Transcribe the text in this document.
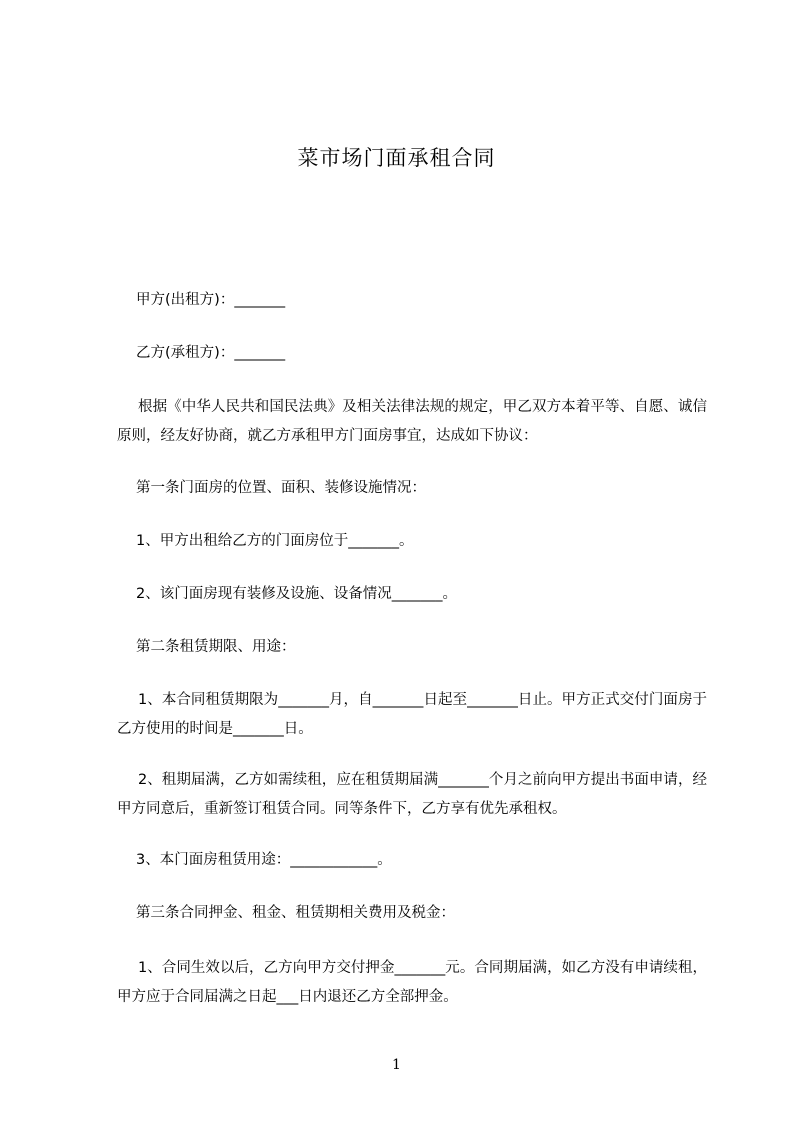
菜市场门面承租合同

甲方(出租方)：_______

乙方(承租方)：_______

根据《中华人民共和国民法典》及相关法律法规的规定，甲乙双方本着平等、自愿、诚信原则，经友好协商，就乙方承租甲方门面房事宜，达成如下协议：

第一条门面房的位置、面积、装修设施情况：

1、甲方出租给乙方的门面房位于_______。

2、该门面房现有装修及设施、设备情况_______。

第二条租赁期限、用途：

1、本合同租赁期限为_______月，自_______日起至_______日止。甲方正式交付门面房于乙方使用的时间是_______日。

2、租期届满，乙方如需续租，应在租赁期届满_______个月之前向甲方提出书面申请，经甲方同意后，重新签订租赁合同。同等条件下，乙方享有优先承租权。

3、本门面房租赁用途：____________。

第三条合同押金、租金、租赁期相关费用及税金：

1、合同生效以后，乙方向甲方交付押金_______元。合同期届满，如乙方没有申请续租，甲方应于合同届满之日起___日内退还乙方全部押金。

1
